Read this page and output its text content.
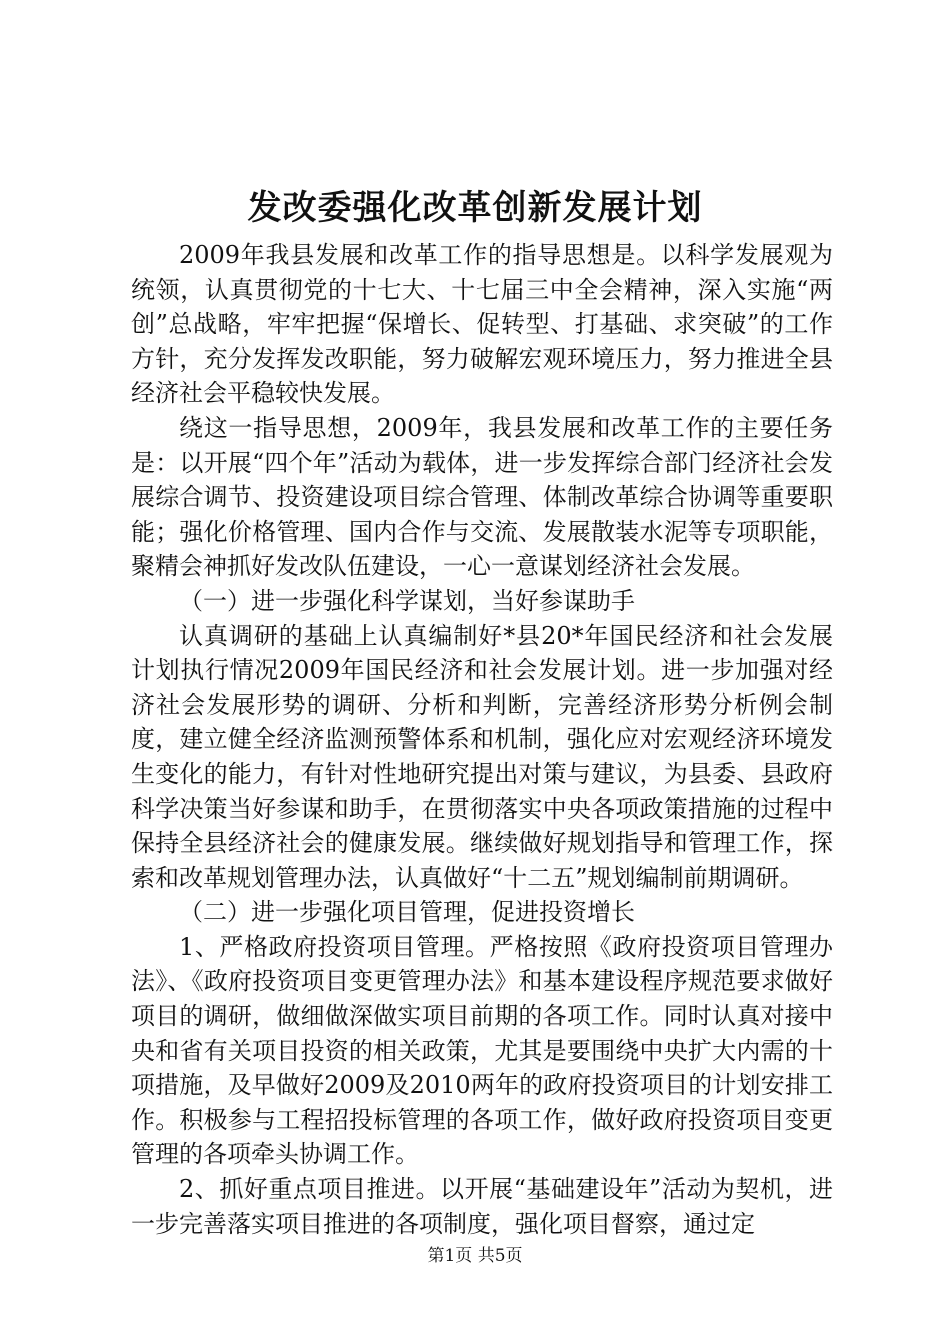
发改委强化改革创新发展计划

2009年我县发展和改革工作的指导思想是。以科学发展观为统领，认真贯彻党的十七大、十七届三中全会精神，深入实施“两创”总战略，牢牢把握“保增长、促转型、打基础、求突破”的工作方针，充分发挥发改职能，努力破解宏观环境压力，努力推进全县经济社会平稳较快发展。

绕这一指导思想，2009年，我县发展和改革工作的主要任务是：以开展“四个年”活动为载体，进一步发挥综合部门经济社会发展综合调节、投资建设项目综合管理、体制改革综合协调等重要职能；强化价格管理、国内合作与交流、发展散装水泥等专项职能，聚精会神抓好发改队伍建设，一心一意谋划经济社会发展。

（一）进一步强化科学谋划，当好参谋助手

认真调研的基础上认真编制好*县20*年国民经济和社会发展计划执行情况2009年国民经济和社会发展计划。进一步加强对经济社会发展形势的调研、分析和判断，完善经济形势分析例会制度，建立健全经济监测预警体系和机制，强化应对宏观经济环境发生变化的能力，有针对性地研究提出对策与建议，为县委、县政府科学决策当好参谋和助手，在贯彻落实中央各项政策措施的过程中保持全县经济社会的健康发展。继续做好规划指导和管理工作，探索和改革规划管理办法，认真做好“十二五”规划编制前期调研。

（二）进一步强化项目管理，促进投资增长

1、严格政府投资项目管理。严格按照《政府投资项目管理办法》、《政府投资项目变更管理办法》和基本建设程序规范要求做好项目的调研，做细做深做实项目前期的各项工作。同时认真对接中央和省有关项目投资的相关政策，尤其是要围绕中央扩大内需的十项措施，及早做好2009及2010两年的政府投资项目的计划安排工作。积极参与工程招投标管理的各项工作，做好政府投资项目变更管理的各项牵头协调工作。

2、抓好重点项目推进。以开展“基础建设年”活动为契机，进一步完善落实项目推进的各项制度，强化项目督察，通过定

第1页 共5页
